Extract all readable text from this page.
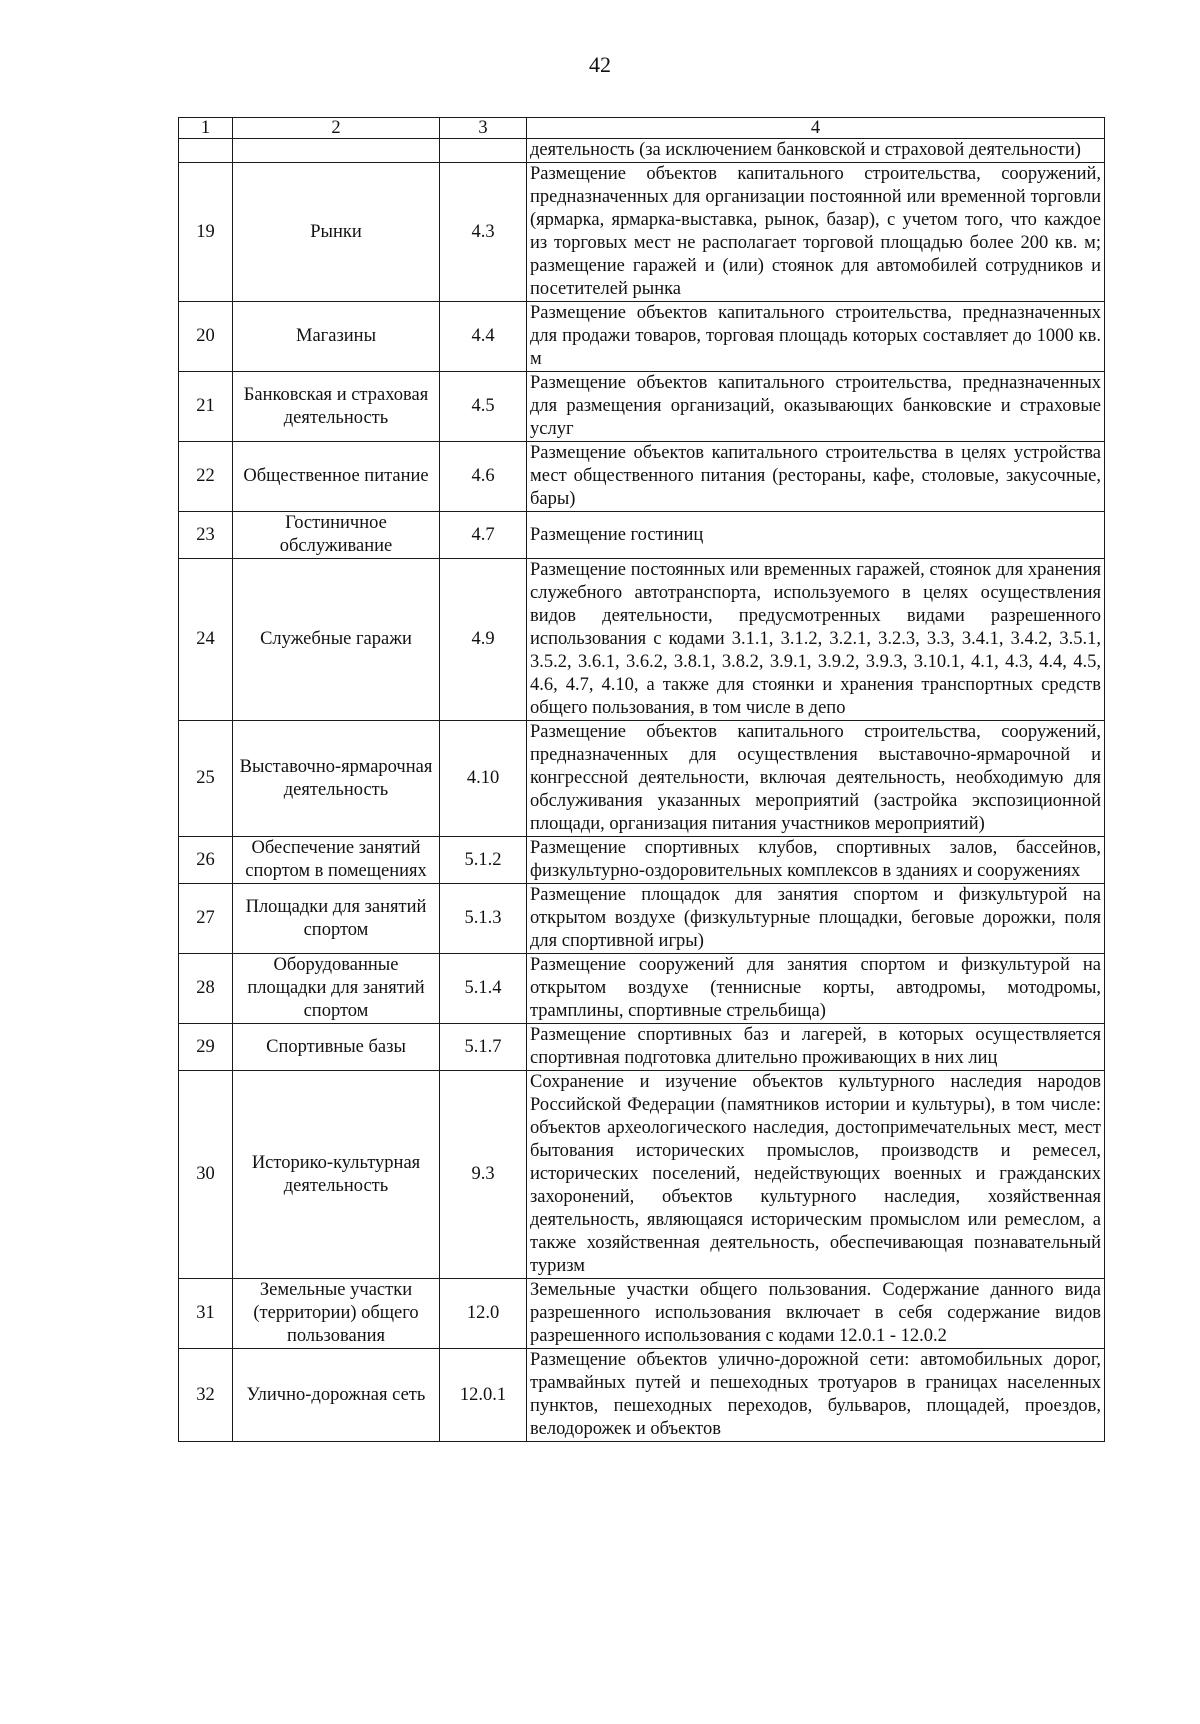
42
1	2	3	4
			деятельность (за исключением банковской и страховой деятельности)
19	Рынки	4.3	Размещение объектов капитального строительства, сооружений, предназначенных для организации постоянной или временной торговли (ярмарка, ярмарка-выставка, рынок, базар), с учетом того, что каждое из торговых мест не располагает торговой площадью более 200 кв. м; размещение гаражей и (или) стоянок для автомобилей сотрудников и посетителей рынка
20	Магазины	4.4	Размещение объектов капитального строительства, предназначенных для продажи товаров, торговая площадь которых составляет до 1000 кв. м
21	Банковская и страховая деятельность	4.5	Размещение объектов капитального строительства, предназначенных для размещения организаций, оказывающих банковские и страховые услуг
22	Общественное питание	4.6	Размещение объектов капитального строительства в целях устройства мест общественного питания (рестораны, кафе, столовые, закусочные, бары)
23	Гостиничное обслуживание	4.7	Размещение гостиниц
24	Служебные гаражи	4.9	Размещение постоянных или временных гаражей, стоянок для хранения служебного автотранспорта, используемого в целях осуществления видов деятельности, предусмотренных видами разрешенного использования с кодами 3.1.1, 3.1.2, 3.2.1, 3.2.3, 3.3, 3.4.1, 3.4.2, 3.5.1, 3.5.2, 3.6.1, 3.6.2, 3.8.1, 3.8.2, 3.9.1, 3.9.2, 3.9.3, 3.10.1, 4.1, 4.3, 4.4, 4.5, 4.6, 4.7, 4.10, а также для стоянки и хранения транспортных средств общего пользования, в том числе в депо
25	Выставочно-ярмарочная деятельность	4.10	Размещение объектов капитального строительства, сооружений, предназначенных для осуществления выставочно-ярмарочной и конгрессной деятельности, включая деятельность, необходимую для обслуживания указанных мероприятий (застройка экспозиционной площади, организация питания участников мероприятий)
26	Обеспечение занятий спортом в помещениях	5.1.2	Размещение спортивных клубов, спортивных залов, бассейнов, физкультурно-оздоровительных комплексов в зданиях и сооружениях
27	Площадки для занятий спортом	5.1.3	Размещение площадок для занятия спортом и физкультурой на открытом воздухе (физкультурные площадки, беговые дорожки, поля для спортивной игры)
28	Оборудованные площадки для занятий спортом	5.1.4	Размещение сооружений для занятия спортом и физкультурой на открытом воздухе (теннисные корты, автодромы, мотодромы, трамплины, спортивные стрельбища)
29	Спортивные базы	5.1.7	Размещение спортивных баз и лагерей, в которых осуществляется спортивная подготовка длительно проживающих в них лиц
30	Историко-культурная деятельность	9.3	Сохранение и изучение объектов культурного наследия народов Российской Федерации (памятников истории и культуры), в том числе: объектов археологического наследия, достопримечательных мест, мест бытования исторических промыслов, производств и ремесел, исторических поселений, недействующих военных и гражданских захоронений, объектов культурного наследия, хозяйственная деятельность, являющаяся историческим промыслом или ремеслом, а также хозяйственная деятельность, обеспечивающая познавательный туризм
31	Земельные участки (территории) общего пользования	12.0	Земельные участки общего пользования. Содержание данного вида разрешенного использования включает в себя содержание видов разрешенного использования с кодами 12.0.1 - 12.0.2
32	Улично-дорожная сеть	12.0.1	Размещение объектов улично-дорожной сети: автомобильных дорог, трамвайных путей и пешеходных тротуаров в границах населенных пунктов, пешеходных переходов, бульваров, площадей, проездов, велодорожек и объектов
